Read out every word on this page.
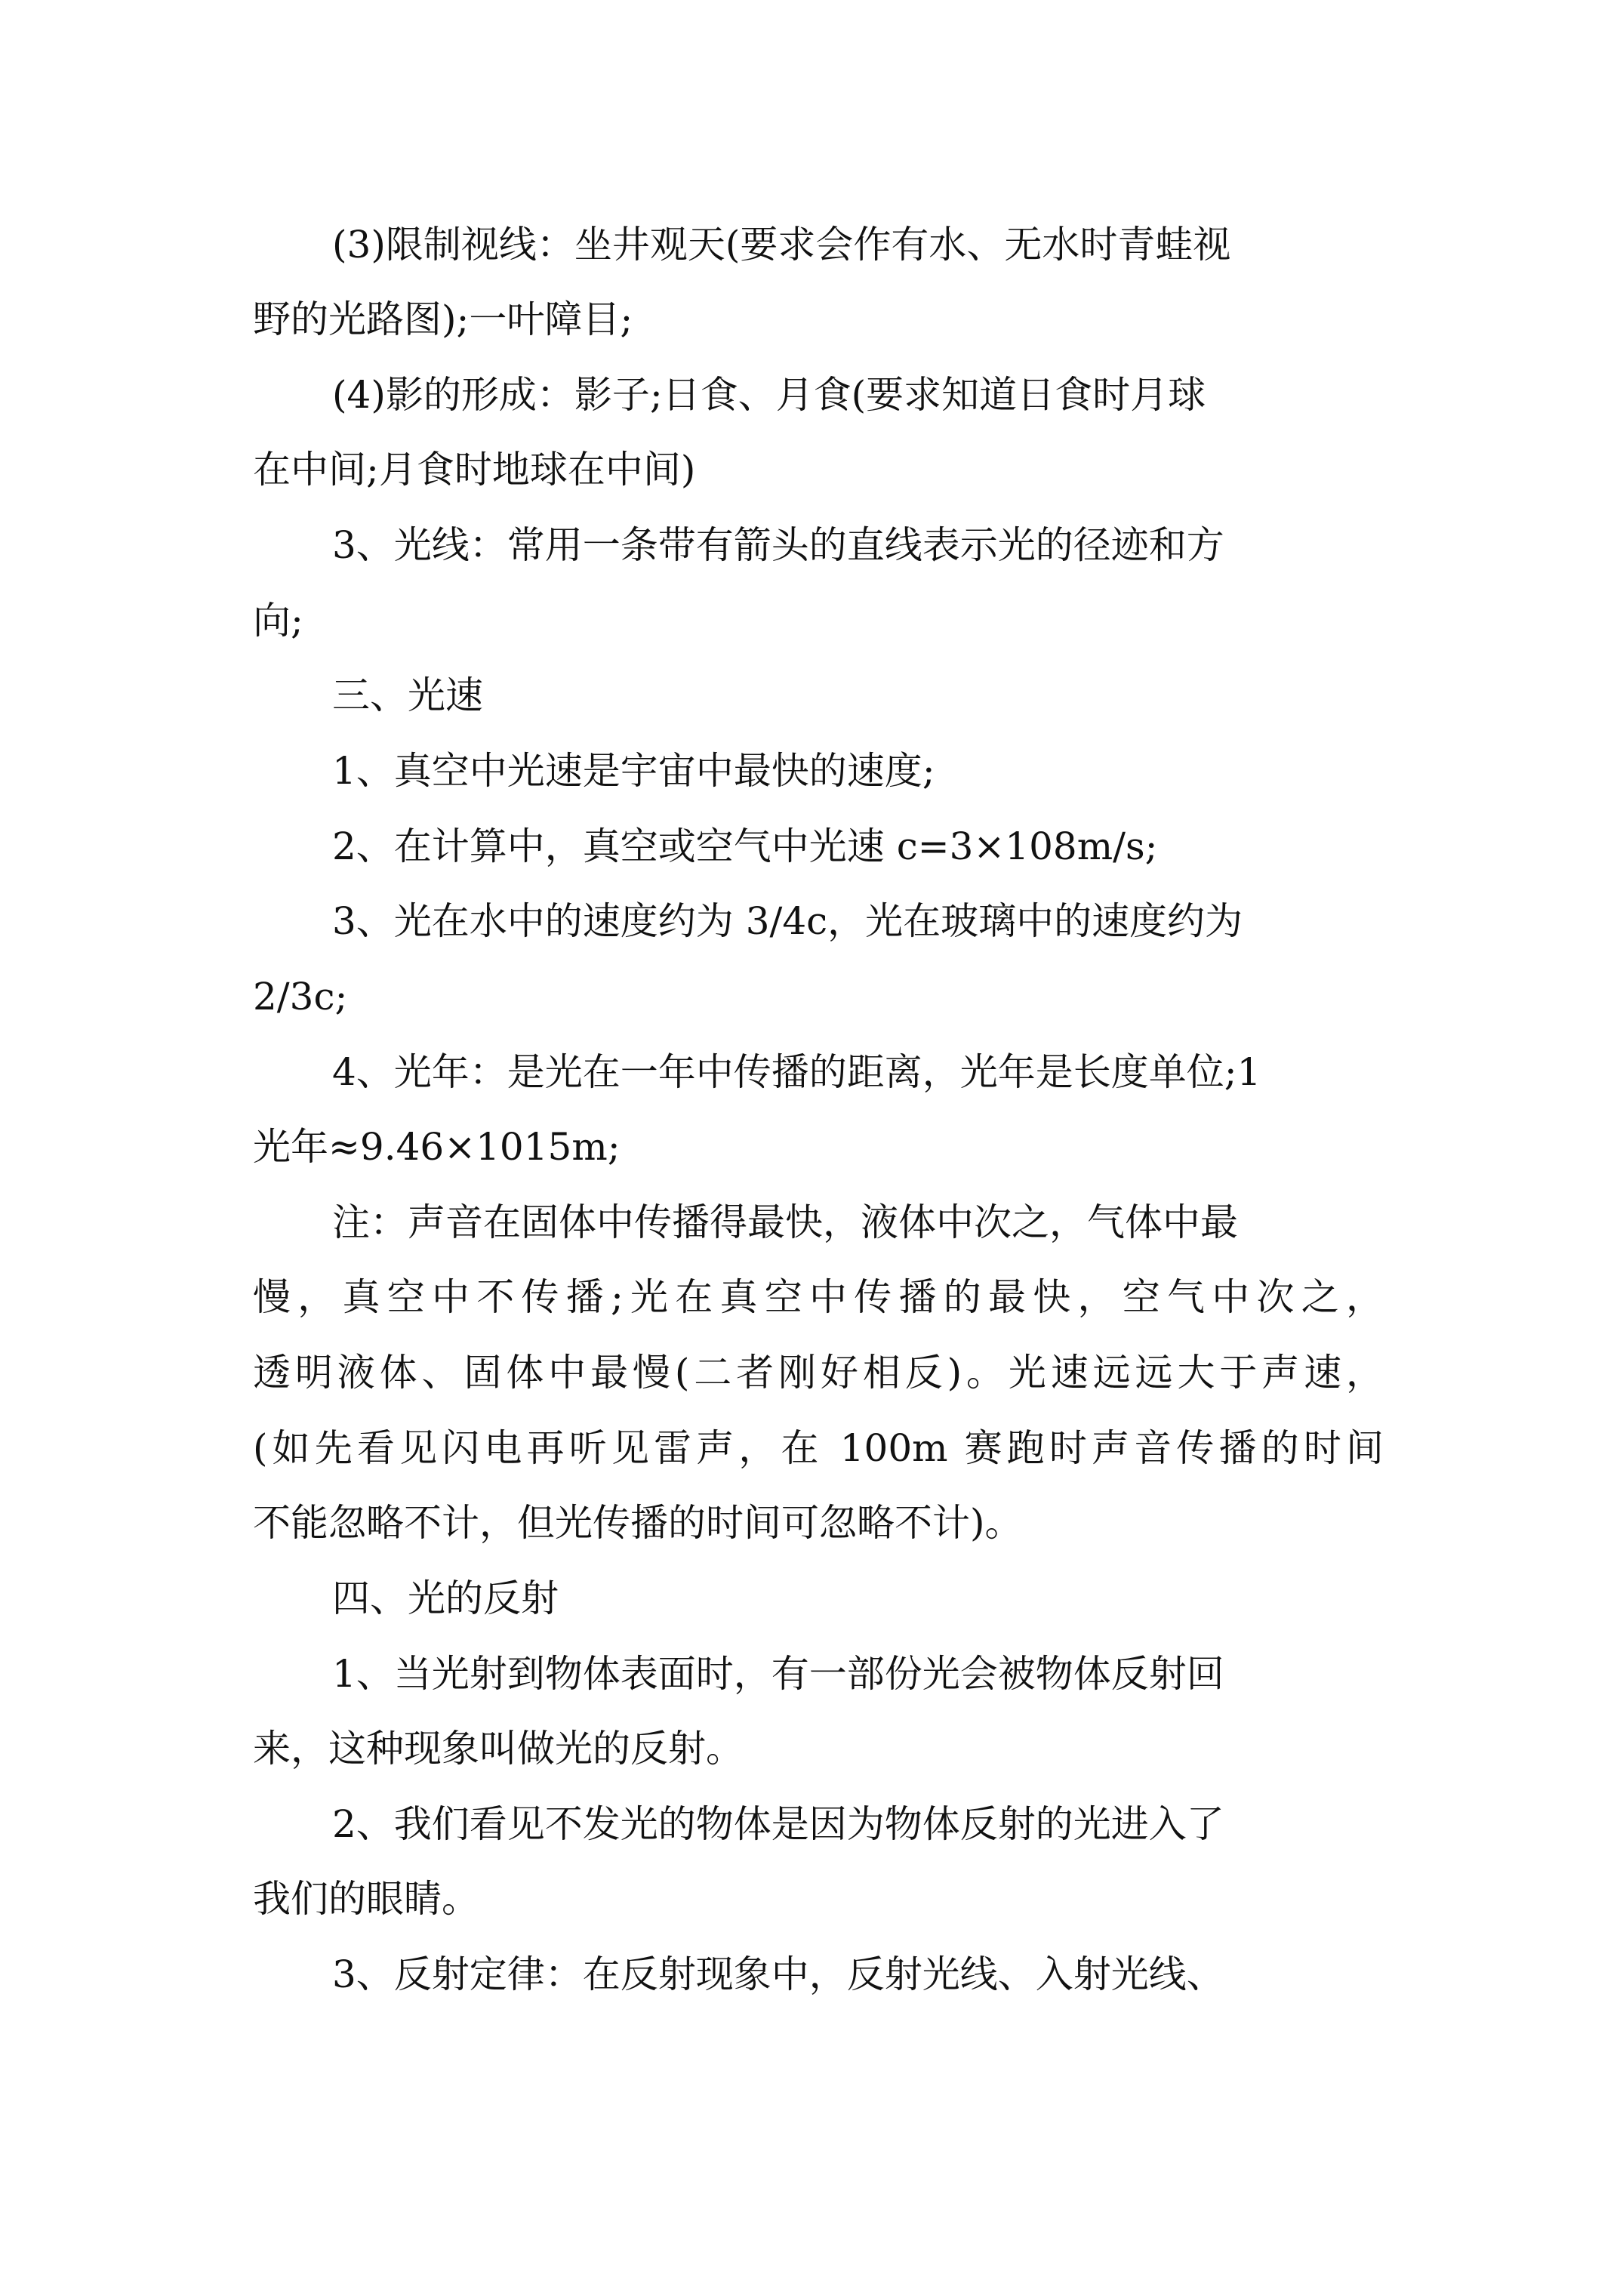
(3)限制视线：坐井观天(要求会作有水、无水时青蛙视
野的光路图);一叶障目;
(4)影的形成：影子;日食、月食(要求知道日食时月球
在中间;月食时地球在中间)
3、光线：常用一条带有箭头的直线表示光的径迹和方
向;
三、光速
1、真空中光速是宇宙中最快的速度;
2、在计算中，真空或空气中光速 c=3×108m/s;
3、光在水中的速度约为 3/4c，光在玻璃中的速度约为
2/3c;
4、光年：是光在一年中传播的距离，光年是长度单位;1
光年≈9.46×1015m;
注：声音在固体中传播得最快，液体中次之，气体中最
慢，真空中不传播;光在真空中传播的最快，空气中次之，
透明液体、固体中最慢(二者刚好相反)。光速远远大于声速，
(如先看见闪电再听见雷声，在 100m 赛跑时声音传播的时间
不能忽略不计，但光传播的时间可忽略不计)。
四、光的反射
1、当光射到物体表面时，有一部份光会被物体反射回
来，这种现象叫做光的反射。
2、我们看见不发光的物体是因为物体反射的光进入了
我们的眼睛。
3、反射定律：在反射现象中，反射光线、入射光线、
